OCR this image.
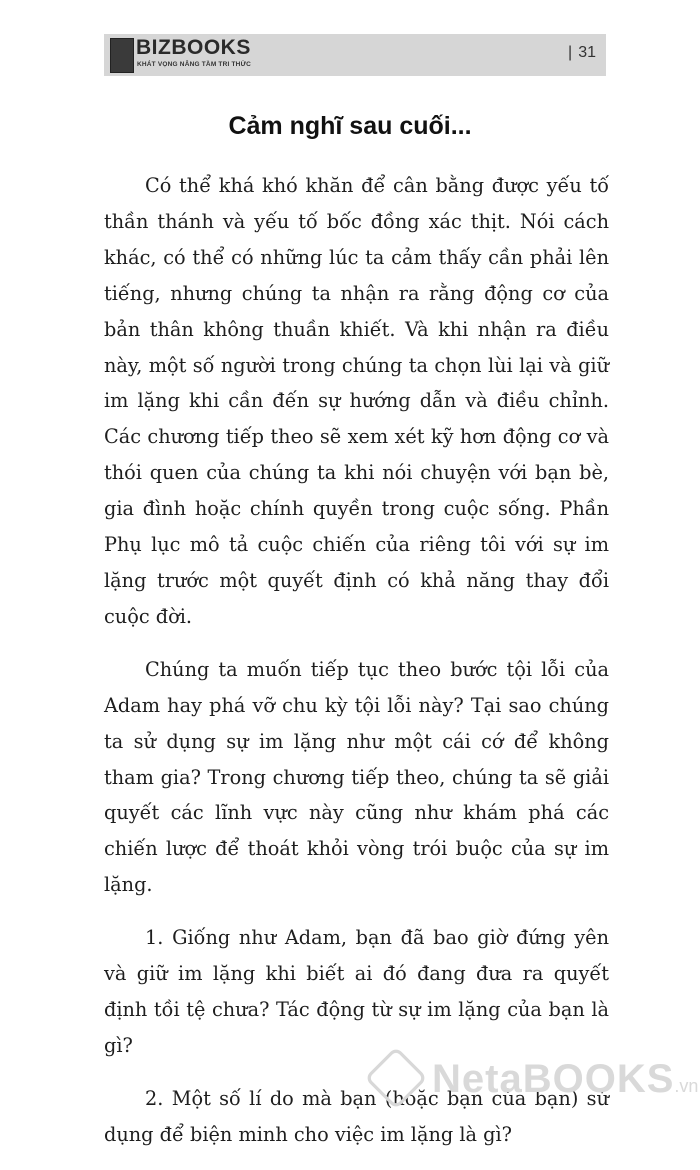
BIZBOOKS
KHÁT VỌNG NÂNG TẦM TRI THỨC
| 31
Cảm nghĩ sau cuối...

Có thể khá khó khăn để cân bằng được yếu tố thần thánh và yếu tố bốc đồng xác thịt. Nói cách khác, có thể có những lúc ta cảm thấy cần phải lên tiếng, nhưng chúng ta nhận ra rằng động cơ của bản thân không thuần khiết. Và khi nhận ra điều này, một số người trong chúng ta chọn lùi lại và giữ im lặng khi cần đến sự hướng dẫn và điều chỉnh. Các chương tiếp theo sẽ xem xét kỹ hơn động cơ và thói quen của chúng ta khi nói chuyện với bạn bè, gia đình hoặc chính quyền trong cuộc sống. Phần Phụ lục mô tả cuộc chiến của riêng tôi với sự im lặng trước một quyết định có khả năng thay đổi cuộc đời.

Chúng ta muốn tiếp tục theo bước tội lỗi của Adam hay phá vỡ chu kỳ tội lỗi này? Tại sao chúng ta sử dụng sự im lặng như một cái cớ để không tham gia? Trong chương tiếp theo, chúng ta sẽ giải quyết các lĩnh vực này cũng như khám phá các chiến lược để thoát khỏi vòng trói buộc của sự im lặng.

1. Giống như Adam, bạn đã bao giờ đứng yên và giữ im lặng khi biết ai đó đang đưa ra quyết định tồi tệ chưa? Tác động từ sự im lặng của bạn là gì?

2. Một số lí do mà bạn (hoặc bạn của bạn) sử dụng để biện minh cho việc im lặng là gì?

NetaBOOKS.vn
